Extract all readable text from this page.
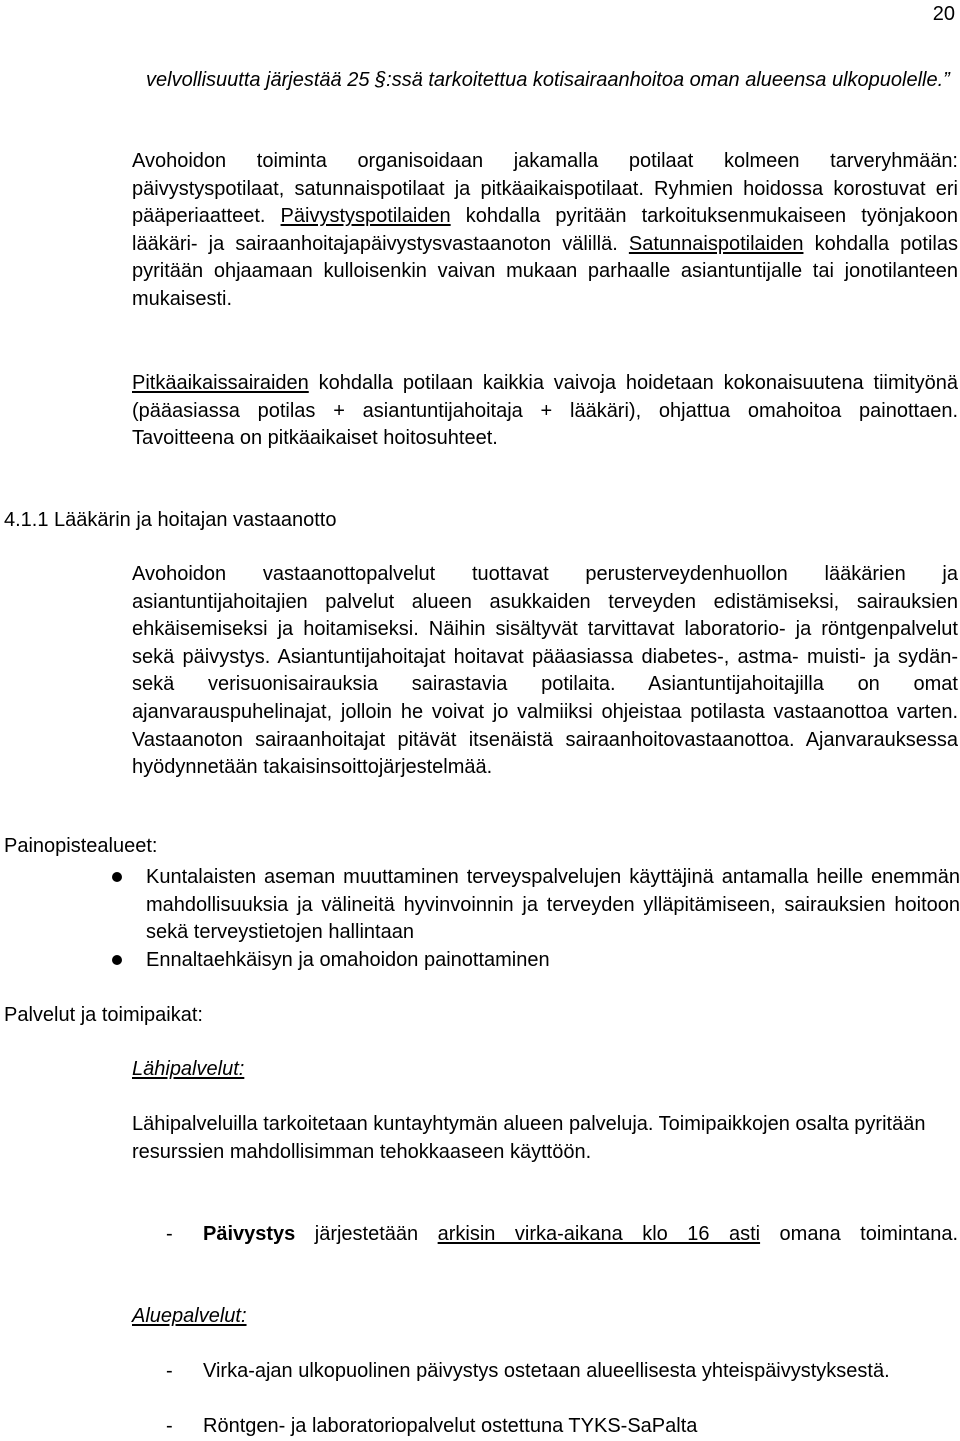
20

velvollisuutta järjestää 25 §:ssä tarkoitettua kotisairaanhoitoa oman alueensa ulkopuolelle.”

Avohoidon toiminta organisoidaan jakamalla potilaat kolmeen tarveryhmään: päivystyspotilaat, satunnaispotilaat ja pitkäaikaispotilaat. Ryhmien hoidossa korostuvat eri pääperiaatteet. Päivystyspotilaiden kohdalla pyritään tarkoituksenmukaiseen työnjakoon lääkäri- ja sairaanhoitajapäivystysvastaanoton välillä. Satunnaispotilaiden kohdalla potilas pyritään ohjaamaan kulloisenkin vaivan mukaan parhaalle asiantuntijalle tai jonotilanteen mukaisesti.

Pitkäaikaissairaiden kohdalla potilaan kaikkia vaivoja hoidetaan kokonaisuutena tiimityönä (pääasiassa potilas + asiantuntijahoitaja + lääkäri), ohjattua omahoitoa painottaen. Tavoitteena on pitkäaikaiset hoitosuhteet.

4.1.1 Lääkärin ja hoitajan vastaanotto

Avohoidon vastaanottopalvelut tuottavat perusterveydenhuollon lääkärien ja asiantuntijahoitajien palvelut alueen asukkaiden terveyden edistämiseksi, sairauksien ehkäisemiseksi ja hoitamiseksi. Näihin sisältyvät tarvittavat laboratorio- ja röntgenpalvelut sekä päivystys. Asiantuntijahoitajat hoitavat pääasiassa diabetes-, astma- muisti- ja sydän- sekä verisuonisairauksia sairastavia potilaita. Asiantuntijahoitajilla on omat ajanvarauspuhelinajat, jolloin he voivat jo valmiiksi ohjeistaa potilasta vastaanottoa varten. Vastaanoton sairaanhoitajat pitävät itsenäistä sairaanhoitovastaanottoa. Ajanvarauksessa hyödynnetään takaisinsoittojärjestelmää.

Painopistealueet:
Kuntalaisten aseman muuttaminen terveyspalvelujen käyttäjinä antamalla heille enemmän mahdollisuuksia ja välineitä hyvinvoinnin ja terveyden ylläpitämiseen, sairauksien hoitoon sekä terveystietojen hallintaan
Ennaltaehkäisyn ja omahoidon painottaminen
Palvelut ja toimipaikat:
Lähipalvelut:

Lähipalveluilla tarkoitetaan kuntayhtymän alueen palveluja. Toimipaikkojen osalta pyritään resurssien mahdollisimman tehokkaaseen käyttöön.

- Päivystys järjestetään arkisin virka-aikana klo 16 asti omana toimintana.
Aluepalvelut:
-	Virka-ajan ulkopuolinen päivystys ostetaan alueellisesta yhteispäivystyksestä.
-	Röntgen- ja laboratoriopalvelut ostettuna TYKS-SaPalta
